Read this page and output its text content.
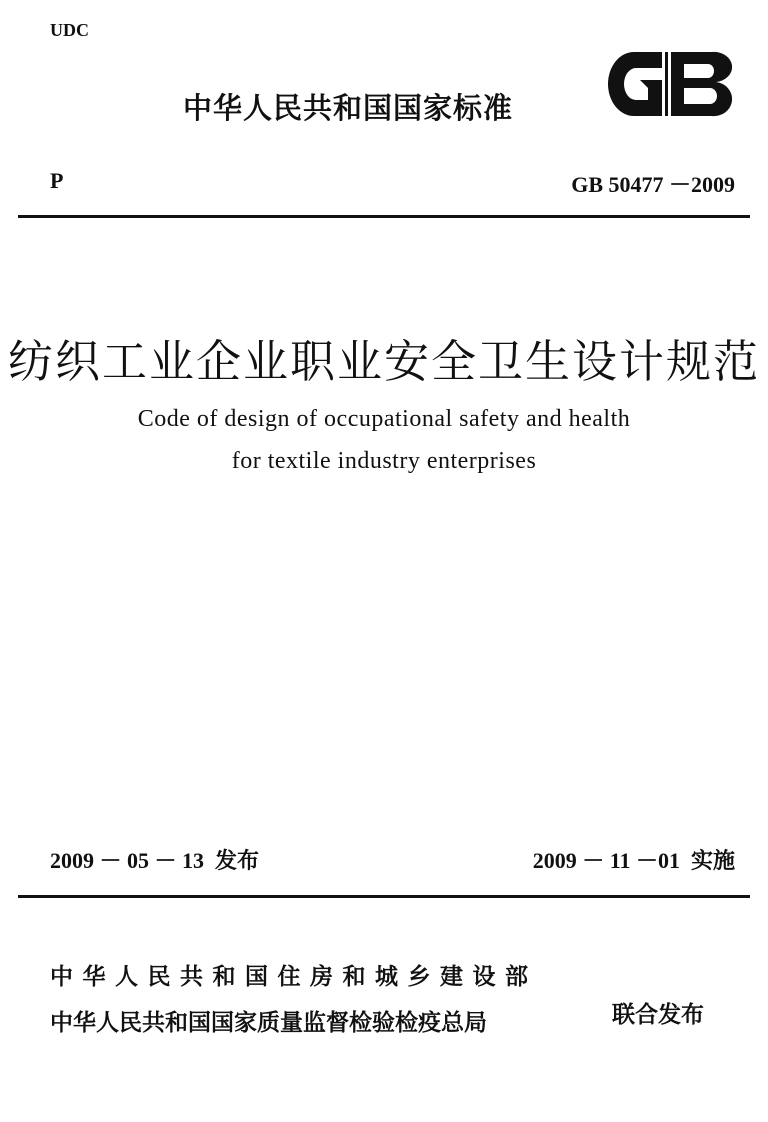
UDC
中华人民共和国国家标准
P	GB 50477 －2009
纺织工业企业职业安全卫生设计规范
Code of design of occupational safety and health
for textile industry enterprises
2009 － 05 － 13 发布	2009 － 11 －01 实施
中华人民共和国住房和城乡建设部
中华人民共和国国家质量监督检验检疫总局	联合发布
